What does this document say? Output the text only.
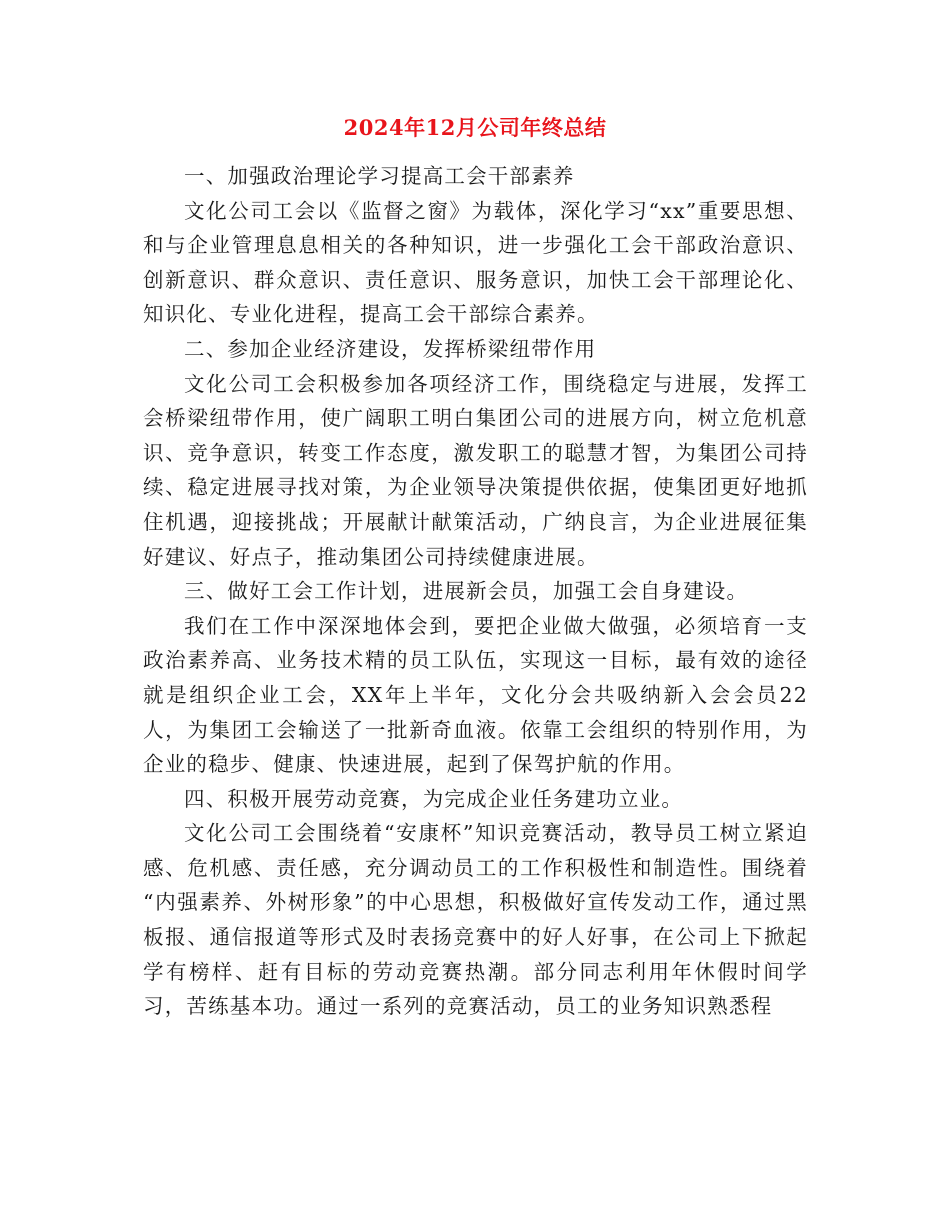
2024年12月公司年终总结

一、加强政治理论学习提高工会干部素养

文化公司工会以《监督之窗》为载体，深化学习“xx”重要思想、和与企业管理息息相关的各种知识，进一步强化工会干部政治意识、创新意识、群众意识、责任意识、服务意识，加快工会干部理论化、知识化、专业化进程，提高工会干部综合素养。

二、参加企业经济建设，发挥桥梁纽带作用

文化公司工会积极参加各项经济工作，围绕稳定与进展，发挥工会桥梁纽带作用，使广阔职工明白集团公司的进展方向，树立危机意识、竞争意识，转变工作态度，激发职工的聪慧才智，为集团公司持续、稳定进展寻找对策，为企业领导决策提供依据，使集团更好地抓住机遇，迎接挑战；开展献计献策活动，广纳良言，为企业进展征集好建议、好点子，推动集团公司持续健康进展。

三、做好工会工作计划，进展新会员，加强工会自身建设。

我们在工作中深深地体会到，要把企业做大做强，必须培育一支政治素养高、业务技术精的员工队伍，实现这一目标，最有效的途径就是组织企业工会，XX年上半年，文化分会共吸纳新入会会员22 人，为集团工会输送了一批新奇血液。依靠工会组织的特别作用，为企业的稳步、健康、快速进展，起到了保驾护航的作用。

四、积极开展劳动竞赛，为完成企业任务建功立业。

文化公司工会围绕着“安康杯”知识竞赛活动，教导员工树立紧迫感、危机感、责任感，充分调动员工的工作积极性和制造性。围绕着 “内强素养、外树形象”的中心思想，积极做好宣传发动工作，通过黑板报、通信报道等形式及时表扬竞赛中的好人好事，在公司上下掀起学有榜样、赶有目标的劳动竞赛热潮。部分同志利用年休假时间学习，苦练基本功。通过一系列的竞赛活动，员工的业务知识熟悉程
